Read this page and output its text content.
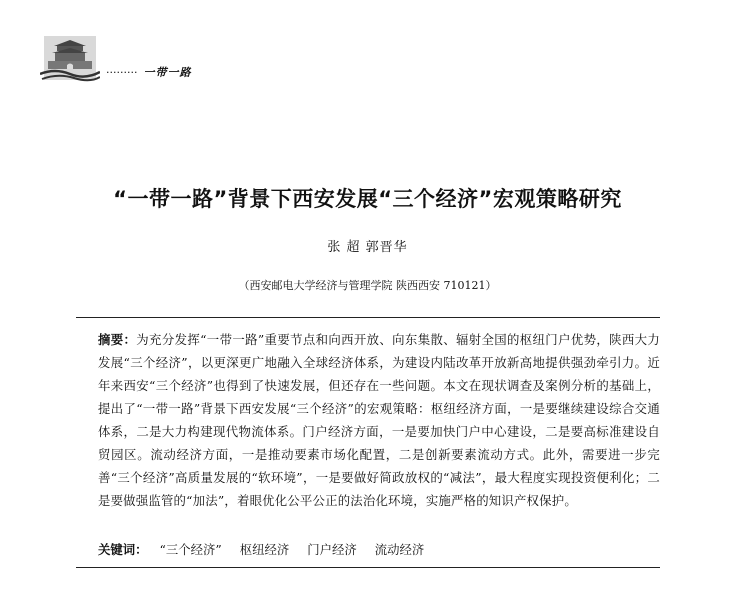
········· 一带一路
“一带一路”背景下西安发展“三个经济”宏观策略研究
张 超 郭晋华
（西安邮电大学经济与管理学院 陕西西安 710121）
摘要：为充分发挥“一带一路”重要节点和向西开放、向东集散、辐射全国的枢纽门户优势，陕西大力发展“三个经济”，以更深更广地融入全球经济体系，为建设内陆改革开放新高地提供强劲牵引力。近年来西安“三个经济”也得到了快速发展，但还存在一些问题。本文在现状调查及案例分析的基础上，提出了“一带一路”背景下西安发展“三个经济”的宏观策略：枢纽经济方面，一是要继续建设综合交通体系，二是大力构建现代物流体系。门户经济方面，一是要加快门户中心建设，二是要高标准建设自贸园区。流动经济方面，一是推动要素市场化配置，二是创新要素流动方式。此外，需要进一步完善“三个经济”高质量发展的“软环境”，一是要做好简政放权的“减法”，最大程度实现投资便利化；二是要做强监管的“加法”，着眼优化公平公正的法治化环境，实施严格的知识产权保护。
关键词： “三个经济” 枢纽经济 门户经济 流动经济
